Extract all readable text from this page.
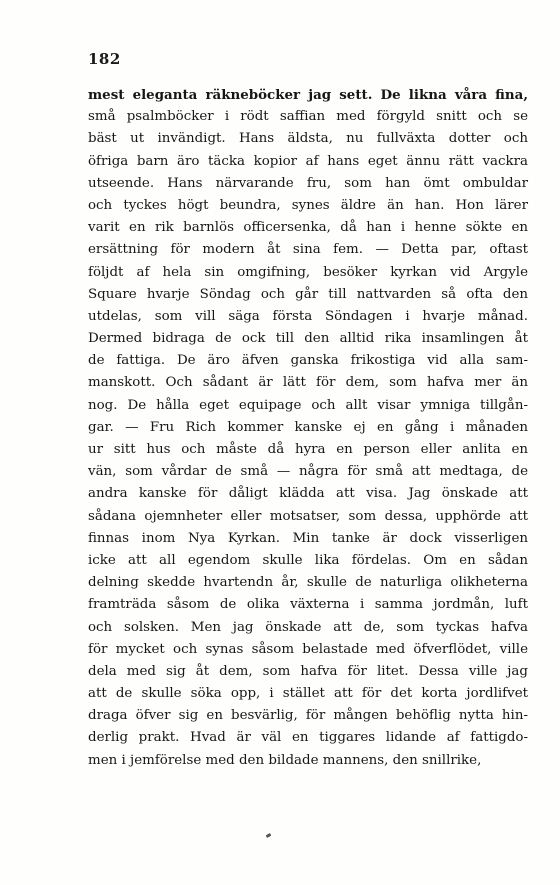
182
mest eleganta räkneböcker jag sett. De likna våra fina,
små psalmböcker i rödt saffian med förgyld snitt och se
bäst ut invändigt. Hans äldsta, nu fullväxta dotter och
öfriga barn äro täcka kopior af hans eget ännu rätt vackra
utseende. Hans närvarande fru, som han ömt ombuldar
och tyckes högt beundra, synes äldre än han. Hon lärer
varit en rik barnlös officersenka, då han i henne sökte en
ersättning för modern åt sina fem. — Detta par, oftast
följdt af hela sin omgifning, besöker kyrkan vid Argyle
Square hvarje Söndag och går till nattvarden så ofta den
utdelas, som vill säga första Söndagen i hvarje månad.
Dermed bidraga de ock till den alltid rika insamlingen åt
de fattiga. De äro äfven ganska frikostiga vid alla sam-
manskott. Och sådant är lätt för dem, som hafva mer än
nog. De hålla eget equipage och allt visar ymniga tillgån-
gar. — Fru Rich kommer kanske ej en gång i månaden
ur sitt hus och måste då hyra en person eller anlita en
vän, som vårdar de små — några för små att medtaga, de
andra kanske för dåligt klädda att visa. Jag önskade att
sådana ojemnheter eller motsatser, som dessa, upphörde att
finnas inom Nya Kyrkan. Min tanke är dock visserligen
icke att all egendom skulle lika fördelas. Om en sådan
delning skedde hvartendn år, skulle de naturliga olikheterna
framträda såsom de olika växterna i samma jordmån, luft
och solsken. Men jag önskade att de, som tyckas hafva
för mycket och synas såsom belastade med öfverflödet, ville
dela med sig åt dem, som hafva för litet. Dessa ville jag
att de skulle söka opp, i stället att för det korta jordlifvet
draga öfver sig en besvärlig, för mången behöflig nytta hin-
derlig prakt. Hvad är väl en tiggares lidande af fattigdo-
men i jemförelse med den bildade mannens, den snillrike,
